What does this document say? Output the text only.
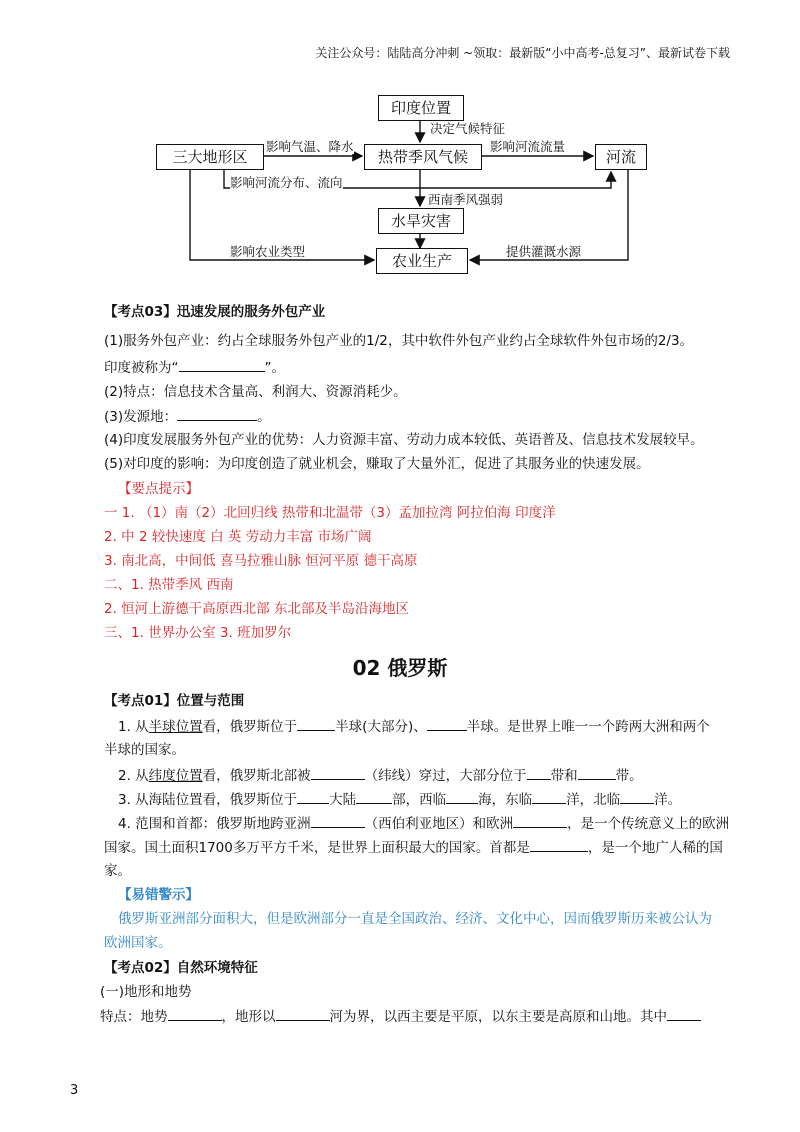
关注公众号：陆陆高分冲刺 ~领取：最新版“小中高考-总复习”、最新试卷下载
印度位置
三大地形区	热带季风气候	河流
水旱灾害
农业生产
决定气候特征
影响气温、降水	影响河流流量
影响河流分布、流向
西南季风强弱
影响农业类型	提供灌溉水源
【考点03】迅速发展的服务外包产业
(1)服务外包产业：约占全球服务外包产业的1/2，其中软件外包产业约占全球软件外包市场的2/3。
印度被称为“	”。
(2)特点：信息技术含量高、利润大、资源消耗少。
(3)发源地：	。
(4)印度发展服务外包产业的优势：人力资源丰富、劳动力成本较低、英语普及、信息技术发展较早。
(5)对印度的影响：为印度创造了就业机会，赚取了大量外汇，促进了其服务业的快速发展。
【要点提示】
一 1. （1）南（2）北回归线 热带和北温带（3）孟加拉湾 阿拉伯海 印度洋
2. 中 2 较快速度 白 英 劳动力丰富 市场广阔
3. 南北高，中间低 喜马拉雅山脉 恒河平原 德干高原
二、1. 热带季风 西南
2. 恒河上游德干高原西北部 东北部及半岛沿海地区
三、1. 世界办公室 3. 班加罗尔
02 俄罗斯
【考点01】位置与范围
1. 从半球位置看，俄罗斯位于	半球(大部分)、	半球。是世界上唯一一个跨两大洲和两个
半球的国家。
2. 从纬度位置看，俄罗斯北部被	（纬线）穿过，大部分位于 带和	带。
3. 从海陆位置看，俄罗斯位于 大陆	部，西临 海，东临	洋，北临	洋。
4. 范围和首都：俄罗斯地跨亚洲	（西伯利亚地区）和欧洲	，是一个传统意义上的欧洲
国家。国土面积1700多万平方千米，是世界上面积最大的国家。首都是	，是一个地广人稀的国
家。
【易错警示】
俄罗斯亚洲部分面积大，但是欧洲部分一直是全国政治、经济、文化中心，因而俄罗斯历来被公认为
欧洲国家。
【考点02】自然环境特征
(一)地形和地势
特点：地势	，地形以	河为界，以西主要是平原，以东主要是高原和山地。其中
3
